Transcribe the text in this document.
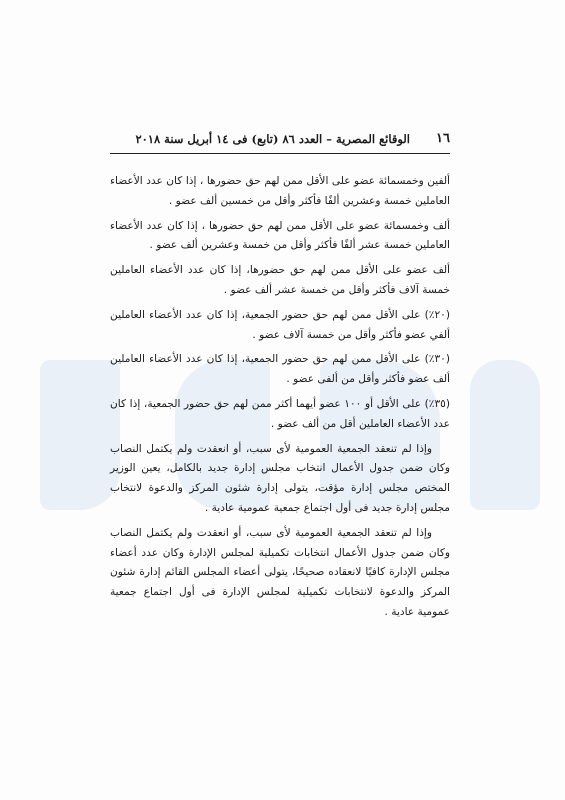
١٦
الوقائع المصرية – العدد ٨٦ (تابع) فى ١٤ أبريل سنة ٢٠١٨

ألفين وخمسمائة عضو على الأقل ممن لهم حق حضورها ، إذا كان عدد الأعضاء العاملين خمسة وعشرين ألفًا فأكثر وأقل من خمسين ألف عضو .

ألف وخمسمائة عضو على الأقل ممن لهم حق حضورها ، إذا كان عدد الأعضاء العاملين خمسة عشر ألفًا فأكثر وأقل من خمسة وعشرين ألف عضو .

ألف عضو على الأقل ممن لهم حق حضورها، إذا كان عدد الأعضاء العاملين خمسة آلاف فأكثر وأقل من خمسة عشر ألف عضو .

(٢٠٪) على الأقل ممن لهم حق حضور الجمعية، إذا كان عدد الأعضاء العاملين ألفي عضو فأكثر وأقل من خمسة آلاف عضو .

(٣٠٪) على الأقل ممن لهم حق حضور الجمعية، إذا كان عدد الأعضاء العاملين ألف عضو فأكثر وأقل من ألفى عضو .

(٣٥٪) على الأقل أو ١٠٠ عضو أيهما أكثر ممن لهم حق حضور الجمعية، إذا كان عدد الأعضاء العاملين أقل من ألف عضو .

وإذا لم تنعقد الجمعية العمومية لأى سبب، أو انعقدت ولم يكتمل النصاب وكان ضمن جدول الأعمال انتخاب مجلس إدارة جديد بالكامل، يعين الوزير المختص مجلس إدارة مؤقت، يتولى إدارة شئون المركز والدعوة لانتخاب مجلس إدارة جديد فى أول اجتماع جمعية عمومية عادية .

وإذا لم تنعقد الجمعية العمومية لأى سبب، أو انعقدت ولم يكتمل النصاب وكان ضمن جدول الأعمال انتخابات تكميلية لمجلس الإدارة وكان عدد أعضاء مجلس الإدارة كافيًا لانعقاده صحيحًا، يتولى أعضاء المجلس القائم إدارة شئون المركز والدعوة لانتخابات تكميلية لمجلس الإدارة فى أول اجتماع جمعية عمومية عادية .
